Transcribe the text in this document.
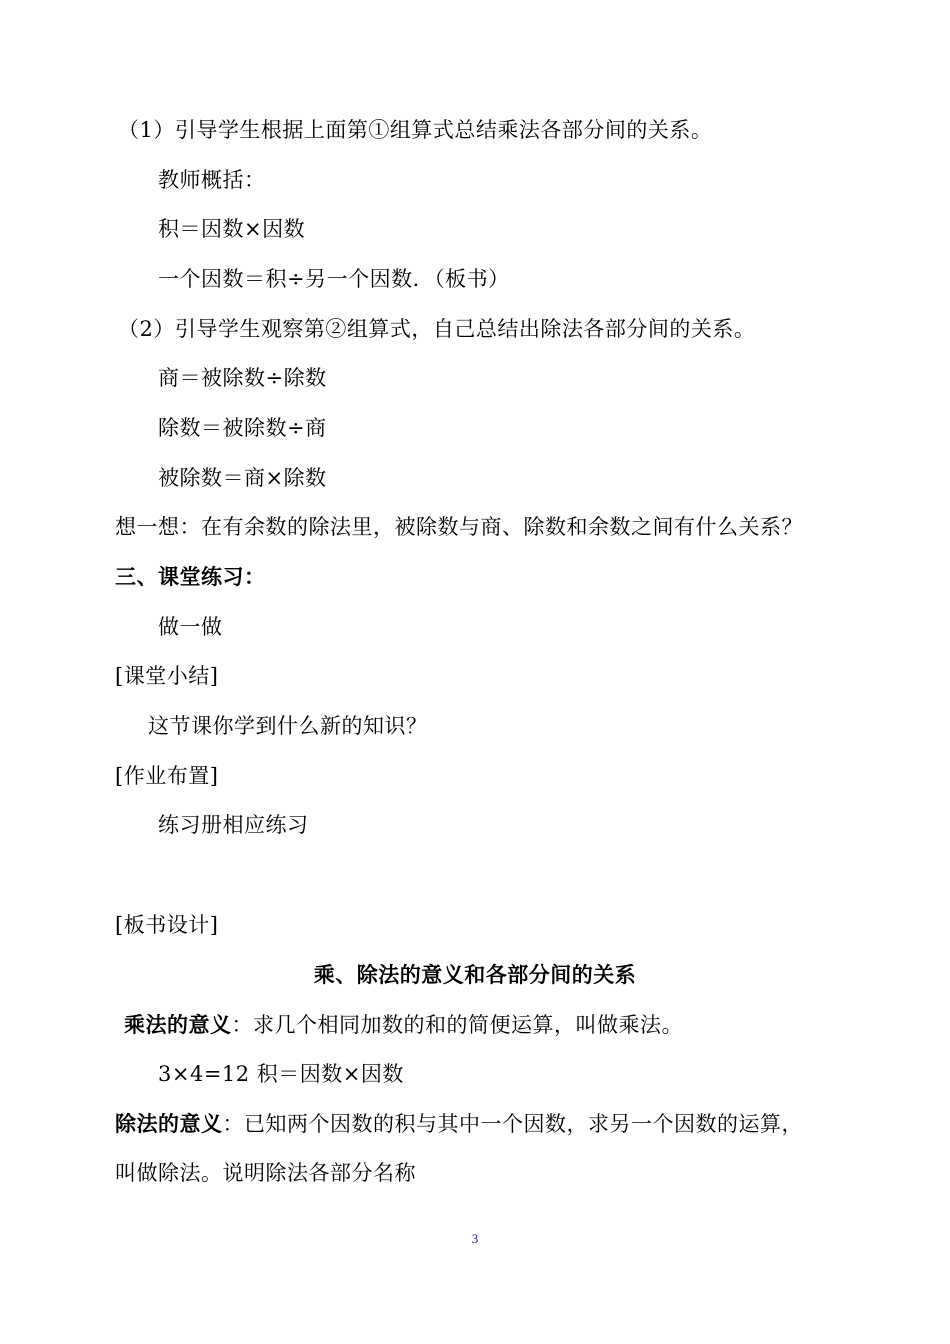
（1）引导学生根据上面第①组算式总结乘法各部分间的关系。
教师概括：
积＝因数×因数
一个因数＝积÷另一个因数．（板书）
（2）引导学生观察第②组算式，自己总结出除法各部分间的关系。
商＝被除数÷除数
除数＝被除数÷商
被除数＝商×除数
想一想：在有余数的除法里，被除数与商、除数和余数之间有什么关系？
三、课堂练习：
做一做
[课堂小结]
这节课你学到什么新的知识？
[作业布置]
练习册相应练习
[板书设计]
乘、除法的意义和各部分间的关系
乘法的意义：求几个相同加数的和的简便运算，叫做乘法。
3×4=12 积＝因数×因数
除法的意义：已知两个因数的积与其中一个因数，求另一个因数的运算，
叫做除法。说明除法各部分名称
3
